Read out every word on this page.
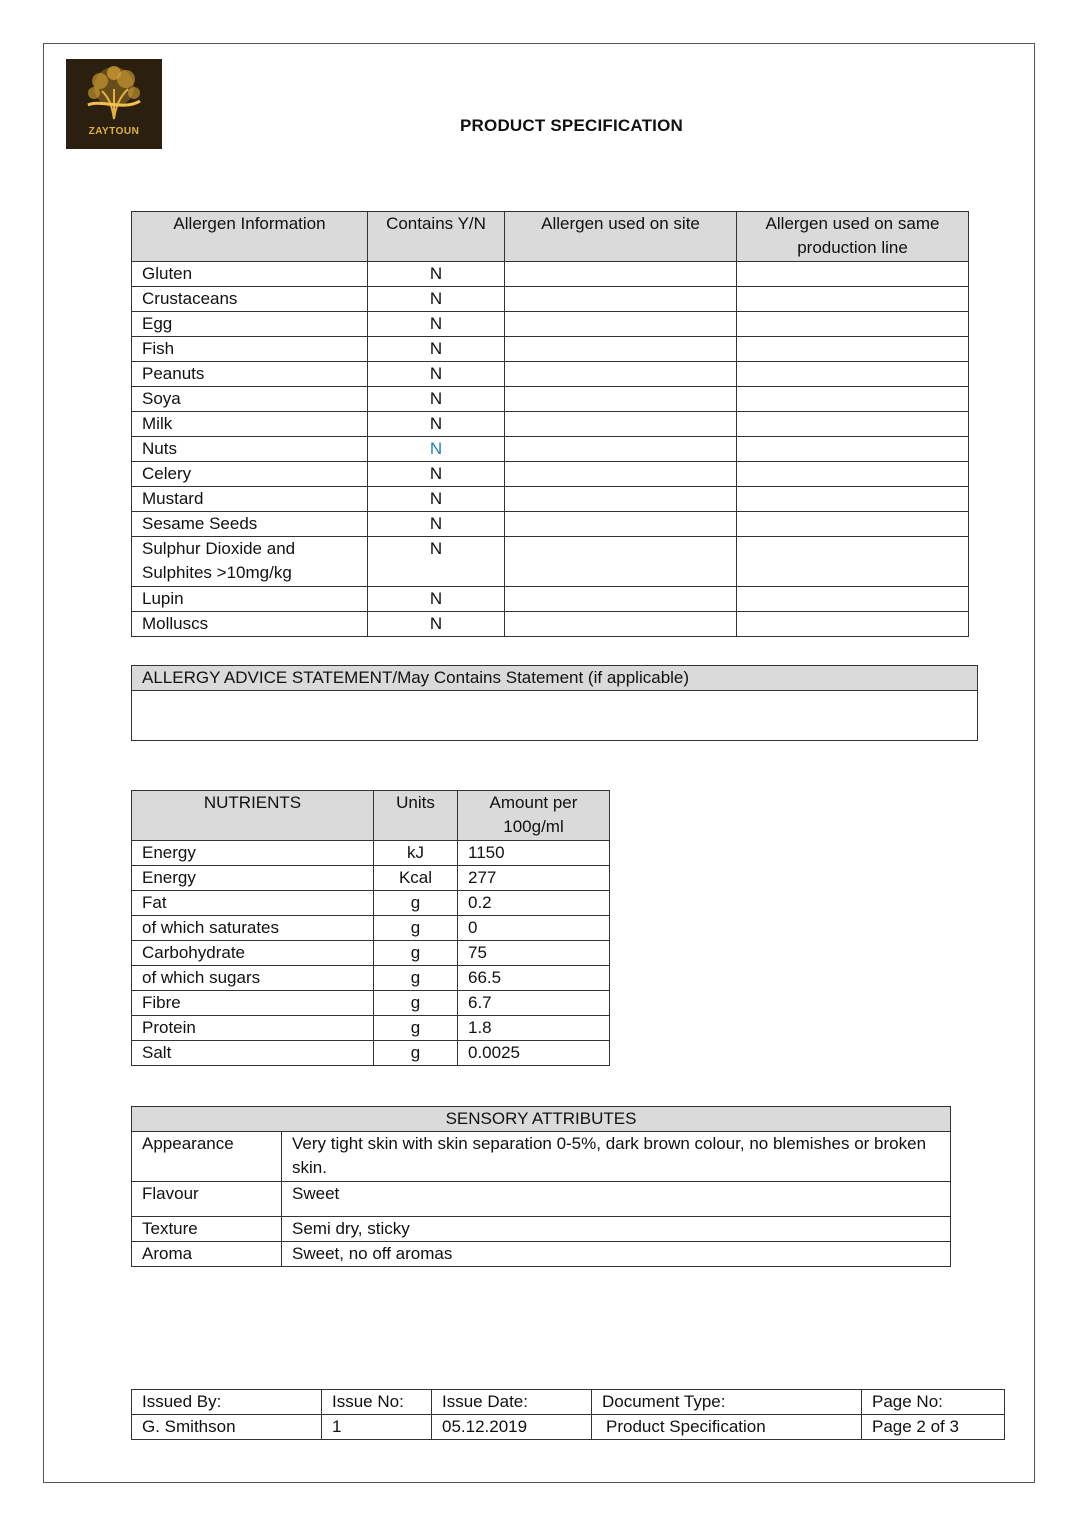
ZAYTOUN	PRODUCT SPECIFICATION
Allergen Information	Contains Y/N	Allergen used on site	Allergen used on same production line
Gluten	N		
Crustaceans	N		
Egg	N		
Fish	N		
Peanuts	N		
Soya	N		
Milk	N		
Nuts	N		
Celery	N		
Mustard	N		
Sesame Seeds	N		
Sulphur Dioxide and Sulphites >10mg/kg	N		
Lupin	N		
Molluscs	N		
ALLERGY ADVICE STATEMENT/May Contains Statement (if applicable)

NUTRIENTS	Units	Amount per 100g/ml
Energy	kJ	1150
Energy	Kcal	277
Fat	g	0.2
of which saturates	g	0
Carbohydrate	g	75
of which sugars	g	66.5
Fibre	g	6.7
Protein	g	1.8
Salt	g	0.0025
SENSORY ATTRIBUTES	
Appearance	Very tight skin with skin separation 0-5%, dark brown colour, no blemishes or broken skin.
Flavour	Sweet
Texture	Semi dry, sticky
Aroma	Sweet, no off aromas
Issued By:	Issue No:	Issue Date:	Document Type:	Page No:
G. Smithson	1	05.12.2019	Product Specification	Page 2 of 3
